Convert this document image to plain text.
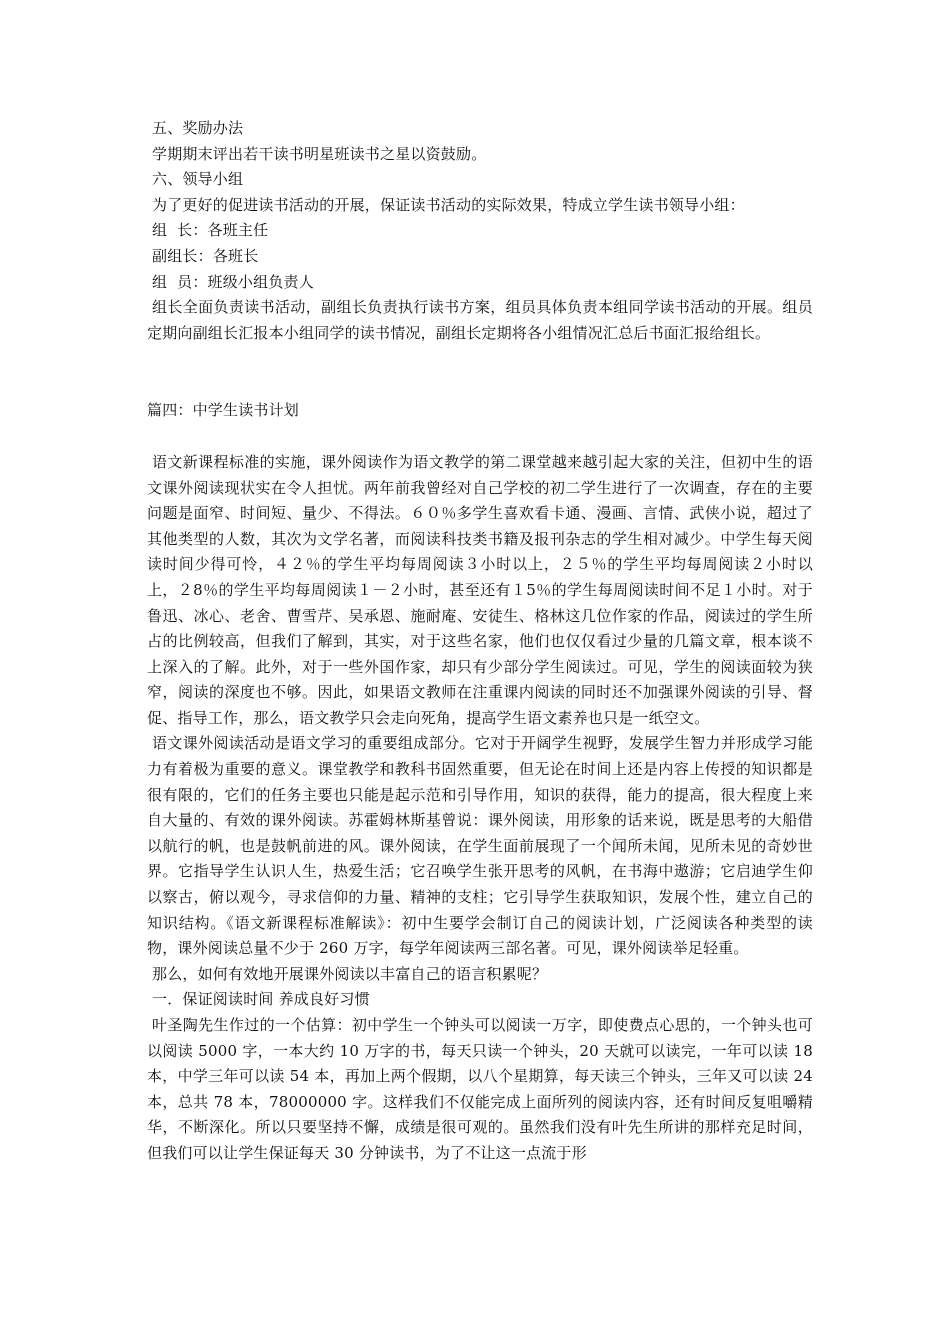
五、奖励办法

学期期末评出若干读书明星班读书之星以资鼓励。

六、领导小组

为了更好的促进读书活动的开展，保证读书活动的实际效果，特成立学生读书领导小组：

组  长：各班主任

副组长：各班长

组  员：班级小组负责人

组长全面负责读书活动，副组长负责执行读书方案，组员具体负责本组同学读书活动的开展。组员定期向副组长汇报本小组同学的读书情况，副组长定期将各小组情况汇总后书面汇报给组长。

篇四：中学生读书计划

语文新课程标准的实施，课外阅读作为语文教学的第二课堂越来越引起大家的关注，但初中生的语文课外阅读现状实在令人担忧。两年前我曾经对自己学校的初二学生进行了一次调查，存在的主要问题是面窄、时间短、量少、不得法。６０％多学生喜欢看卡通、漫画、言情、武侠小说，超过了其他类型的人数，其次为文学名著，而阅读科技类书籍及报刊杂志的学生相对减少。中学生每天阅读时间少得可怜，４２％的学生平均每周阅读３小时以上，２５％的学生平均每周阅读２小时以上，２8％的学生平均每周阅读１－２小时，甚至还有１5％的学生每周阅读时间不足１小时。对于鲁迅、冰心、老舍、曹雪芹、吴承恩、施耐庵、安徒生、格林这几位作家的作品，阅读过的学生所占的比例较高，但我们了解到，其实，对于这些名家，他们也仅仅看过少量的几篇文章，根本谈不上深入的了解。此外，对于一些外国作家，却只有少部分学生阅读过。可见，学生的阅读面较为狭窄，阅读的深度也不够。因此，如果语文教师在注重课内阅读的同时还不加强课外阅读的引导、督促、指导工作，那么，语文教学只会走向死角，提高学生语文素养也只是一纸空文。

语文课外阅读活动是语文学习的重要组成部分。它对于开阔学生视野，发展学生智力并形成学习能力有着极为重要的意义。课堂教学和教科书固然重要，但无论在时间上还是内容上传授的知识都是很有限的，它们的任务主要也只能是起示范和引导作用，知识的获得，能力的提高，很大程度上来自大量的、有效的课外阅读。苏霍姆林斯基曾说：课外阅读，用形象的话来说，既是思考的大船借以航行的帆，也是鼓帆前进的风。课外阅读，在学生面前展现了一个闻所未闻，见所未见的奇妙世界。它指导学生认识人生，热爱生活；它召唤学生张开思考的风帆，在书海中遨游；它启迪学生仰以察古，俯以观今，寻求信仰的力量、精神的支柱；它引导学生获取知识，发展个性，建立自己的知识结构。《语文新课程标准解读》：初中生要学会制订自己的阅读计划，广泛阅读各种类型的读物，课外阅读总量不少于 260 万字，每学年阅读两三部名著。可见，课外阅读举足轻重。

那么，如何有效地开展课外阅读以丰富自己的语言积累呢？

一．保证阅读时间 养成良好习惯

叶圣陶先生作过的一个估算：初中学生一个钟头可以阅读一万字，即使费点心思的，一个钟头也可以阅读 5000 字，一本大约 10 万字的书，每天只读一个钟头，20 天就可以读完，一年可以读 18 本，中学三年可以读 54 本，再加上两个假期，以八个星期算，每天读三个钟头，三年又可以读 24 本，总共 78 本，78000000 字。这样我们不仅能完成上面所列的阅读内容，还有时间反复咀嚼精华，不断深化。所以只要坚持不懈，成绩是很可观的。虽然我们没有叶先生所讲的那样充足时间，但我们可以让学生保证每天 30 分钟读书，为了不让这一点流于形
